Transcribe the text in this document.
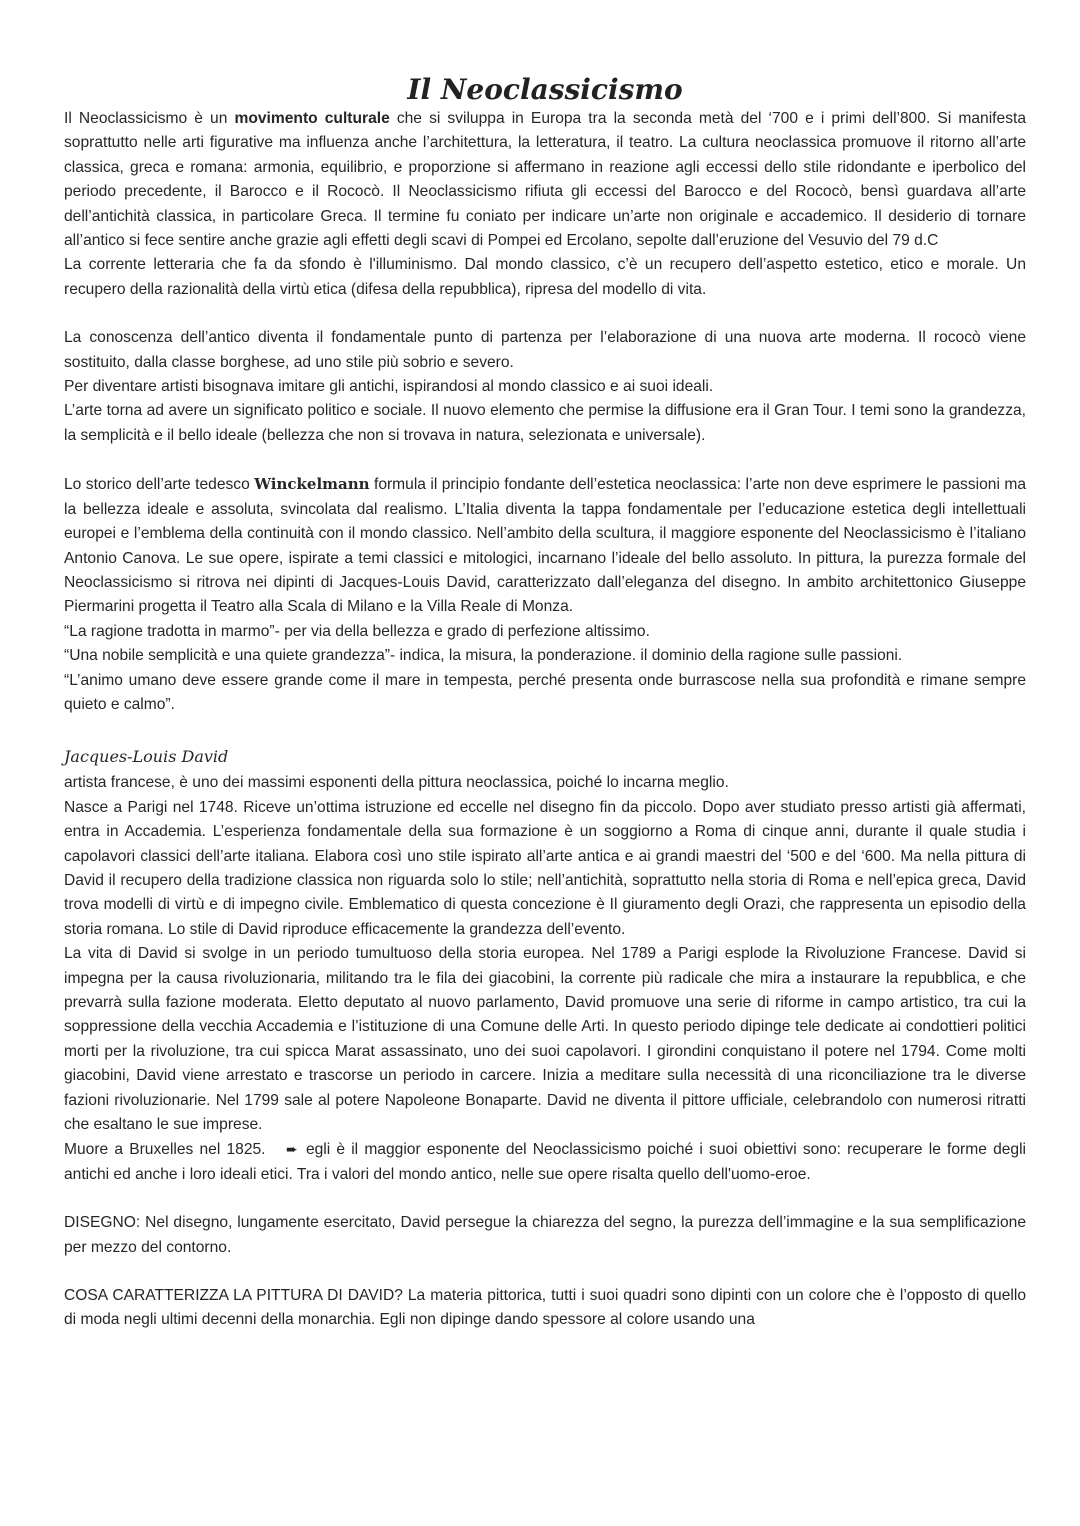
Il Neoclassicismo

Il Neoclassicismo è un movimento culturale che si sviluppa in Europa tra la seconda metà del ‘700 e i primi dell’800. Si manifesta soprattutto nelle arti figurative ma influenza anche l’architettura, la letteratura, il teatro. La cultura neoclassica promuove il ritorno all’arte classica, greca e romana: armonia, equilibrio, e proporzione si affermano in reazione agli eccessi dello stile ridondante e iperbolico del periodo precedente, il Barocco e il Rococò. Il Neoclassicismo rifiuta gli eccessi del Barocco e del Rococò, bensì guardava all’arte dell’antichità classica, in particolare Greca. Il termine fu coniato per indicare un’arte non originale e accademico. Il desiderio di tornare all’antico si fece sentire anche grazie agli effetti degli scavi di Pompei ed Ercolano, sepolte dall’eruzione del Vesuvio del 79 d.C

La corrente letteraria che fa da sfondo è l'illuminismo. Dal mondo classico, c’è un recupero dell’aspetto estetico, etico e morale. Un recupero della razionalità della virtù etica (difesa della repubblica), ripresa del modello di vita.

La conoscenza dell’antico diventa il fondamentale punto di partenza per l’elaborazione di una nuova arte moderna. Il rococò viene sostituito, dalla classe borghese, ad uno stile più sobrio e severo.

Per diventare artisti bisognava imitare gli antichi, ispirandosi al mondo classico e ai suoi ideali.

L’arte torna ad avere un significato politico e sociale. Il nuovo elemento che permise la diffusione era il Gran Tour. I temi sono la grandezza, la semplicità e il bello ideale (bellezza che non si trovava in natura, selezionata e universale).

Lo storico dell’arte tedesco Winckelmann formula il principio fondante dell’estetica neoclassica: l’arte non deve esprimere le passioni ma la bellezza ideale e assoluta, svincolata dal realismo. L’Italia diventa la tappa fondamentale per l’educazione estetica degli intellettuali europei e l’emblema della continuità con il mondo classico. Nell’ambito della scultura, il maggiore esponente del Neoclassicismo è l’italiano Antonio Canova. Le sue opere, ispirate a temi classici e mitologici, incarnano l’ideale del bello assoluto. In pittura, la purezza formale del Neoclassicismo si ritrova nei dipinti di Jacques-Louis David, caratterizzato dall’eleganza del disegno. In ambito architettonico Giuseppe Piermarini progetta il Teatro alla Scala di Milano e la Villa Reale di Monza.

“La ragione tradotta in marmo”- per via della bellezza e grado di perfezione altissimo.

“Una nobile semplicità e una quiete grandezza”- indica, la misura, la ponderazione. il dominio della ragione sulle passioni.

“L’animo umano deve essere grande come il mare in tempesta, perché presenta onde burrascose nella sua profondità e rimane sempre quieto e calmo”.

Jacques-Louis David

artista francese, è uno dei massimi esponenti della pittura neoclassica, poiché lo incarna meglio.

Nasce a Parigi nel 1748. Riceve un’ottima istruzione ed eccelle nel disegno fin da piccolo. Dopo aver studiato presso artisti già affermati, entra in Accademia. L’esperienza fondamentale della sua formazione è un soggiorno a Roma di cinque anni, durante il quale studia i capolavori classici dell’arte italiana. Elabora così uno stile ispirato all’arte antica e ai grandi maestri del ‘500 e del ‘600. Ma nella pittura di David il recupero della tradizione classica non riguarda solo lo stile; nell’antichità, soprattutto nella storia di Roma e nell’epica greca, David trova modelli di virtù e di impegno civile. Emblematico di questa concezione è Il giuramento degli Orazi, che rappresenta un episodio della storia romana. Lo stile di David riproduce efficacemente la grandezza dell’evento.

La vita di David si svolge in un periodo tumultuoso della storia europea. Nel 1789 a Parigi esplode la Rivoluzione Francese. David si impegna per la causa rivoluzionaria, militando tra le fila dei giacobini, la corrente più radicale che mira a instaurare la repubblica, e che prevarrà sulla fazione moderata. Eletto deputato al nuovo parlamento, David promuove una serie di riforme in campo artistico, tra cui la soppressione della vecchia Accademia e l’istituzione di una Comune delle Arti. In questo periodo dipinge tele dedicate ai condottieri politici morti per la rivoluzione, tra cui spicca Marat assassinato, uno dei suoi capolavori. I girondini conquistano il potere nel 1794. Come molti giacobini, David viene arrestato e trascorse un periodo in carcere. Inizia a meditare sulla necessità di una riconciliazione tra le diverse fazioni rivoluzionarie. Nel 1799 sale al potere Napoleone Bonaparte. David ne diventa il pittore ufficiale, celebrandolo con numerosi ritratti che esaltano le sue imprese.

Muore a Bruxelles nel 1825. ➨ egli è il maggior esponente del Neoclassicismo poiché i suoi obiettivi sono: recuperare le forme degli antichi ed anche i loro ideali etici. Tra i valori del mondo antico, nelle sue opere risalta quello dell'uomo-eroe.

DISEGNO: Nel disegno, lungamente esercitato, David persegue la chiarezza del segno, la purezza dell’immagine e la sua semplificazione per mezzo del contorno.

COSA CARATTERIZZA LA PITTURA DI DAVID? La materia pittorica, tutti i suoi quadri sono dipinti con un colore che è l’opposto di quello di moda negli ultimi decenni della monarchia. Egli non dipinge dando spessore al colore usando una
